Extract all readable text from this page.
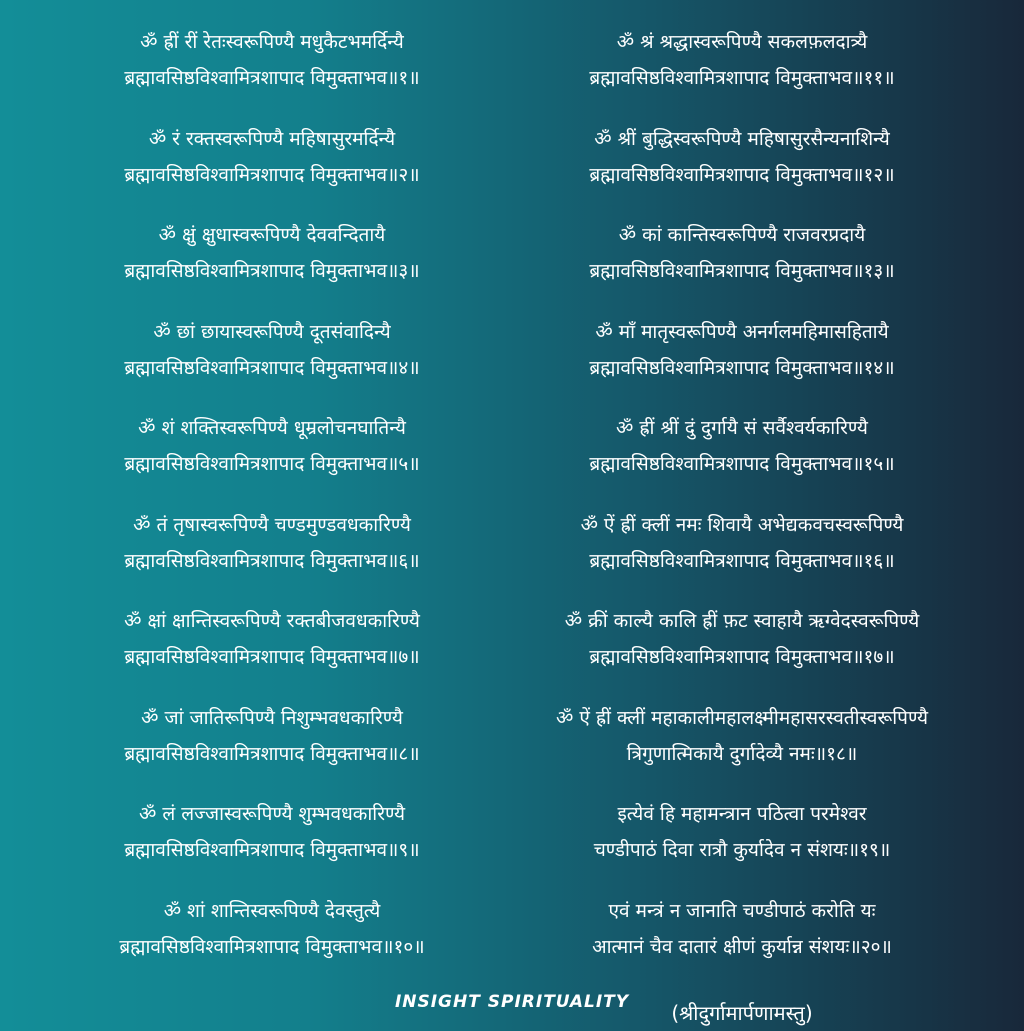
ॐ ह्रीं रीं रेतःस्वरूपिण्यै मधुकैटभमर्दिन्यै
ब्रह्मावसिष्ठविश्वामित्रशापाद विमुक्ताभव॥१॥
ॐ रं रक्तस्वरूपिण्यै महिषासुरमर्दिन्यै
ब्रह्मावसिष्ठविश्वामित्रशापाद विमुक्ताभव॥२॥
ॐ क्षुं क्षुधास्वरूपिण्यै देववन्दितायै
ब्रह्मावसिष्ठविश्वामित्रशापाद विमुक्ताभव॥३॥
ॐ छां छायास्वरूपिण्यै दूतसंवादिन्यै
ब्रह्मावसिष्ठविश्वामित्रशापाद विमुक्ताभव॥४॥
ॐ शं शक्तिस्वरूपिण्यै धूम्रलोचनघातिन्यै
ब्रह्मावसिष्ठविश्वामित्रशापाद विमुक्ताभव॥५॥
ॐ तं तृषास्वरूपिण्यै चण्डमुण्डवधकारिण्यै
ब्रह्मावसिष्ठविश्वामित्रशापाद विमुक्ताभव॥६॥
ॐ क्षां क्षान्तिस्वरूपिण्यै रक्तबीजवधकारिण्यै
ब्रह्मावसिष्ठविश्वामित्रशापाद विमुक्ताभव॥७॥
ॐ जां जातिरूपिण्यै निशुम्भवधकारिण्यै
ब्रह्मावसिष्ठविश्वामित्रशापाद विमुक्ताभव॥८॥
ॐ लं लज्जास्वरूपिण्यै शुम्भवधकारिण्यै
ब्रह्मावसिष्ठविश्वामित्रशापाद विमुक्ताभव॥९॥
ॐ शां शान्तिस्वरूपिण्यै देवस्तुत्यै
ब्रह्मावसिष्ठविश्वामित्रशापाद विमुक्ताभव॥१०॥
ॐ श्रं श्रद्धास्वरूपिण्यै सकलफ़लदात्र्यै
ब्रह्मावसिष्ठविश्वामित्रशापाद विमुक्ताभव॥११॥
ॐ श्रीं बुद्धिस्वरूपिण्यै महिषासुरसैन्यनाशिन्यै
ब्रह्मावसिष्ठविश्वामित्रशापाद विमुक्ताभव॥१२॥
ॐ कां कान्तिस्वरूपिण्यै राजवरप्रदायै
ब्रह्मावसिष्ठविश्वामित्रशापाद विमुक्ताभव॥१३॥
ॐ माँ मातृस्वरूपिण्यै अनर्गलमहिमासहितायै
ब्रह्मावसिष्ठविश्वामित्रशापाद विमुक्ताभव॥१४॥
ॐ ह्रीं श्रीं दुं दुर्गायै सं सर्वैश्वर्यकारिण्यै
ब्रह्मावसिष्ठविश्वामित्रशापाद विमुक्ताभव॥१५॥
ॐ ऐं ह्रीं क्लीं नमः शिवायै अभेद्यकवचस्वरूपिण्यै
ब्रह्मावसिष्ठविश्वामित्रशापाद विमुक्ताभव॥१६॥
ॐ क्रीं काल्यै कालि ह्रीं फ़ट स्वाहायै ऋग्वेदस्वरूपिण्यै
ब्रह्मावसिष्ठविश्वामित्रशापाद विमुक्ताभव॥१७॥
ॐ ऐं ह्रीं क्लीं महाकालीमहालक्ष्मीमहासरस्वतीस्वरूपिण्यै
त्रिगुणात्मिकायै दुर्गादेव्यै नमः॥१८॥
इत्येवं हि महामन्त्रान पठित्वा परमेश्वर
चण्डीपाठं दिवा रात्रौ कुर्यादेव न संशयः॥१९॥
एवं मन्त्रं न जानाति चण्डीपाठं करोति यः
आत्मानं चैव दातारं क्षीणं कुर्यान्न संशयः॥२०॥
(श्रीदुर्गामार्पणामस्तु)
INSIGHT SPIRITUALITY
